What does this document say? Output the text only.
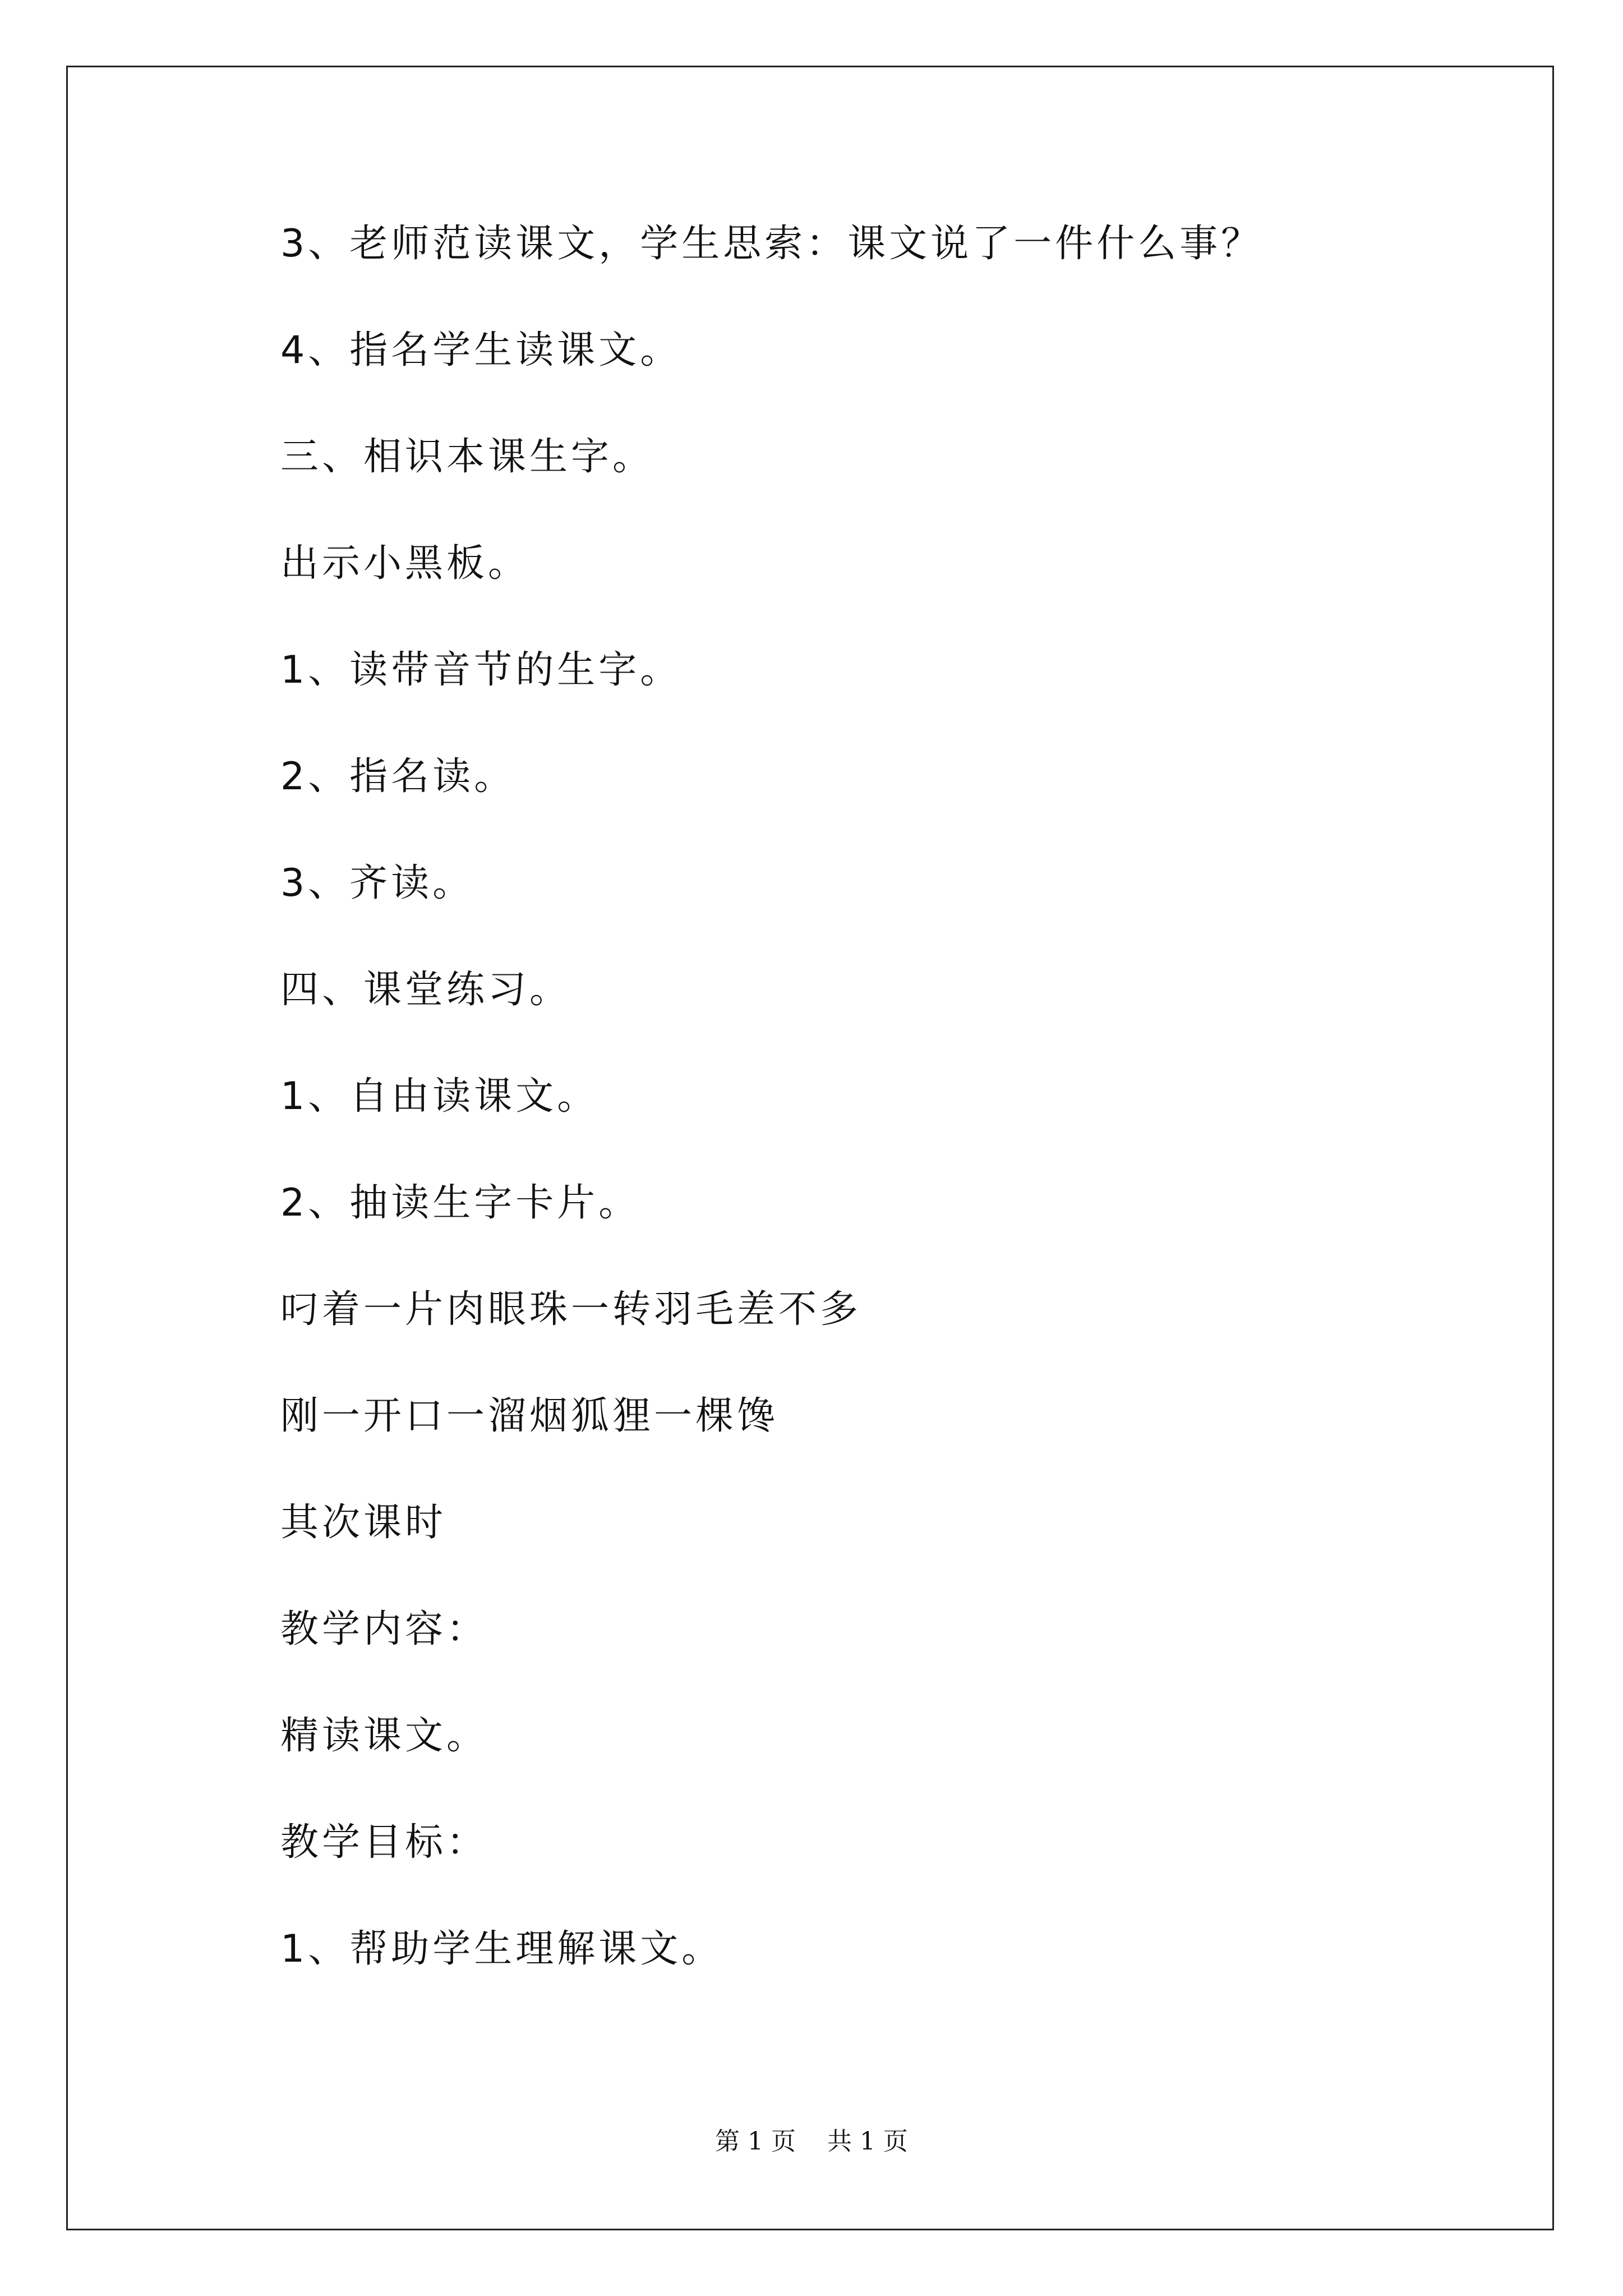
3、老师范读课文，学生思索：课文说了一件什么事？
4、指名学生读课文。
三、相识本课生字。
出示小黑板。
1、读带音节的生字。
2、指名读。
3、齐读。
四、课堂练习。
1、自由读课文。
2、抽读生字卡片。
叼着一片肉眼珠一转羽毛差不多
刚一开口一溜烟狐狸一棵馋
其次课时
教学内容：
精读课文。
教学目标：
1、帮助学生理解课文。
第 1 页    共 1 页
